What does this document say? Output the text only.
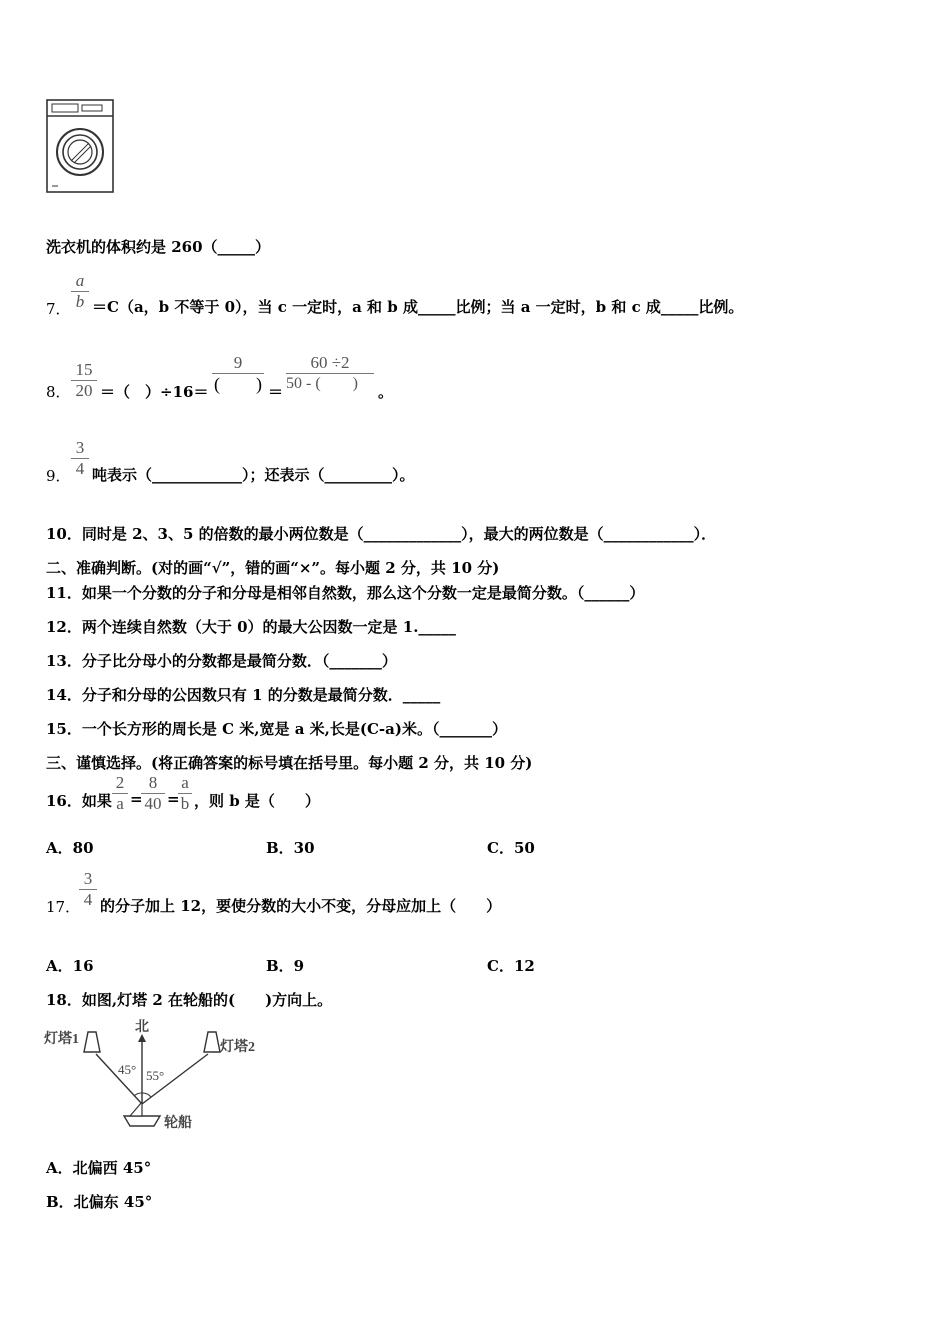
洗衣机的体积约是 260（_____）
7．
a
b ＝C（a，b 不等于 0），当 c 一定时，a 和 b 成_____比例；当 a 一定时，b 和 c 成_____比例。
8．
15
20 ＝（　）÷16＝
9
(　　) ＝
60 ÷2
50 - (　　)	。
9．
3
4 吨表示（____________）；还表示（_________）。
10．同时是 2、3、5 的倍数的最小两位数是（_____________），最大的两位数是（____________）．
二、准确判断。(对的画“√”，错的画“×”。每小题 2 分，共 10 分)
11．如果一个分数的分子和分母是相邻自然数，那么这个分数一定是最简分数。（______）
12．两个连续自然数（大于 0）的最大公因数一定是 1._____
13．分子比分母小的分数都是最简分数．（_______）
14．分子和分母的公因数只有 1 的分数是最简分数．_____
15．一个长方形的周长是 C 米,宽是 a 米,长是(C-a)米。（_______）
三、谨慎选择。(将正确答案的标号填在括号里。每小题 2 分，共 10 分)
16．如果
2
a =
8
40 =
a
b ，则 b 是（　　）
A．80	B．30	C．50
17．
3
4 的分子加上 12，要使分数的大小不变，分母应加上（　　）
A．16	B．9	C．12
18．如图,灯塔 2 在轮船的(　　)方向上。
灯塔1
灯塔2
北
轮船
45° 55°
A．北偏西 45°
B．北偏东 45°
